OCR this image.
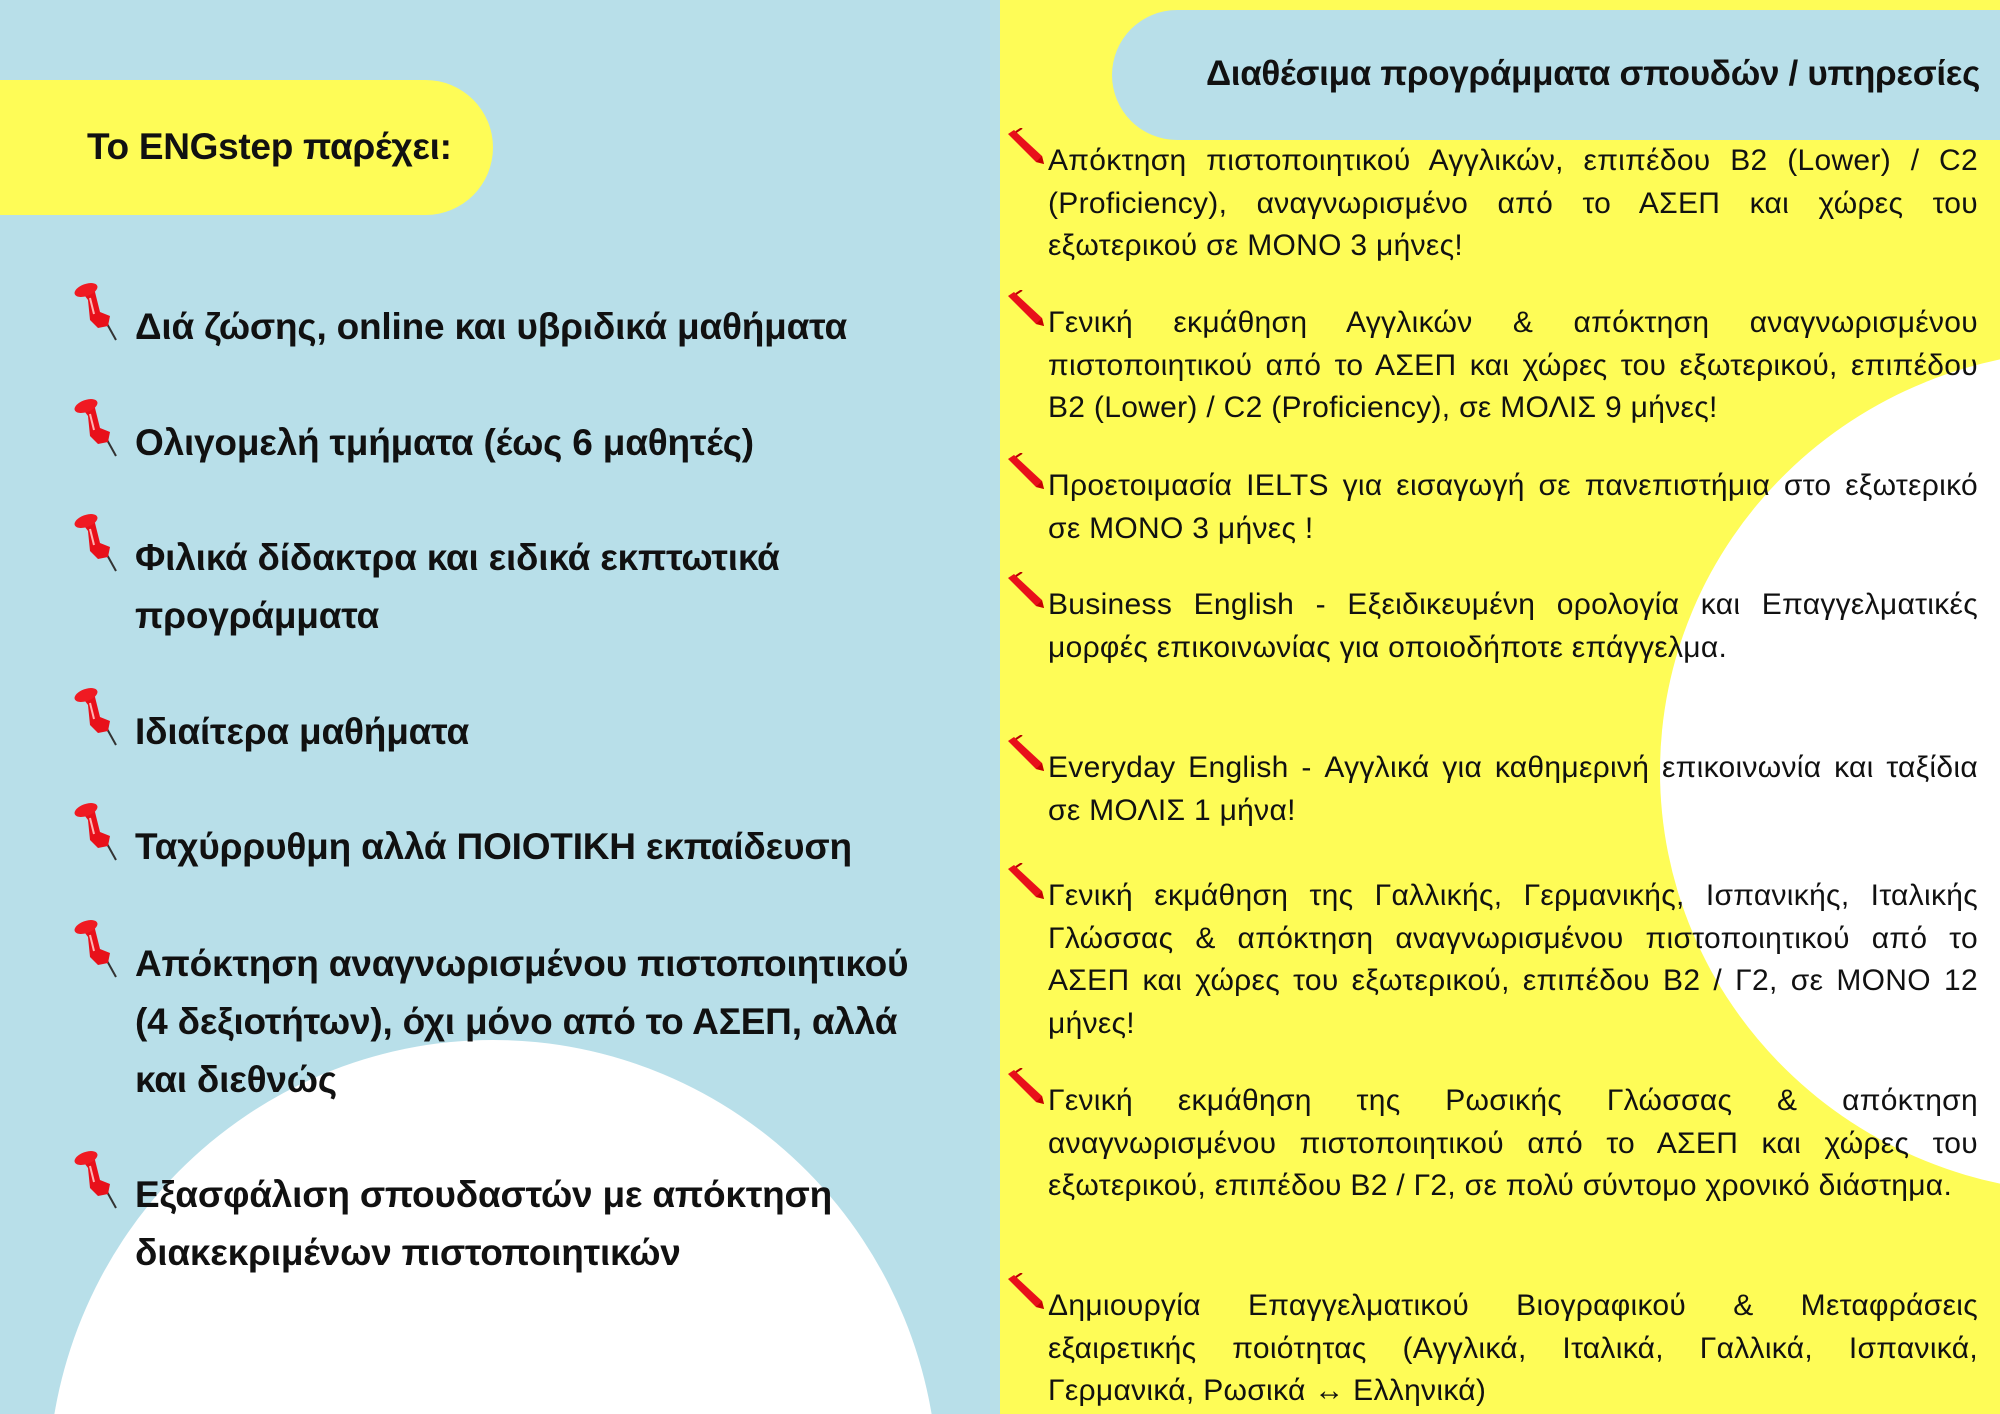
Το ENGstep παρέχει:
Διά ζώσης, online και υβριδικά μαθήματα
Ολιγομελή τμήματα (έως 6 μαθητές)
Φιλικά δίδακτρα και ειδικά εκπτωτικά προγράμματα
Ιδιαίτερα μαθήματα
Ταχύρρυθμη αλλά ΠΟΙΟΤΙΚΗ εκπαίδευση
Απόκτηση αναγνωρισμένου πιστοποιητικού (4 δεξιοτήτων), όχι μόνο από το ΑΣΕΠ, αλλά και διεθνώς
Εξασφάλιση σπουδαστών με απόκτηση διακεκριμένων πιστοποιητικών
Διαθέσιμα προγράμματα σπουδών / υπηρεσίες
Απόκτηση πιστοποιητικού Αγγλικών, επιπέδου Β2 (Lower) / C2 (Proficiency), αναγνωρισμένο από το ΑΣΕΠ και χώρες του εξωτερικού σε ΜΟΝΟ 3 μήνες!
Γενική εκμάθηση Αγγλικών & απόκτηση αναγνωρισμένου πιστοποιητικού από το ΑΣΕΠ και χώρες του εξωτερικού, επιπέδου Β2 (Lower) / C2 (Proficiency), σε ΜΟΛΙΣ 9 μήνες!
Προετοιμασία IELTS για εισαγωγή σε πανεπιστήμια στο εξωτερικό σε ΜΟΝΟ 3 μήνες !
Business English - Εξειδικευμένη ορολογία και Επαγγελματικές μορφές επικοινωνίας για οποιοδήποτε επάγγελμα.
Everyday English - Αγγλικά για καθημερινή επικοινωνία και ταξίδια σε ΜΟΛΙΣ 1 μήνα!
Γενική εκμάθηση της Γαλλικής, Γερμανικής, Ισπανικής, Ιταλικής Γλώσσας & απόκτηση αναγνωρισμένου πιστοποιητικού από το ΑΣΕΠ και χώρες του εξωτερικού, επιπέδου Β2 / Γ2, σε ΜΟΝΟ 12 μήνες!
Γενική εκμάθηση της Ρωσικής Γλώσσας & απόκτηση αναγνωρισμένου πιστοποιητικού από το ΑΣΕΠ και χώρες του εξωτερικού, επιπέδου Β2 / Γ2, σε πολύ σύντομο χρονικό διάστημα.
Δημιουργία Επαγγελματικού Βιογραφικού & Μεταφράσεις εξαιρετικής ποιότητας (Αγγλικά, Ιταλικά, Γαλλικά, Ισπανικά, Γερμανικά, Ρωσικά ↔ Ελληνικά)
